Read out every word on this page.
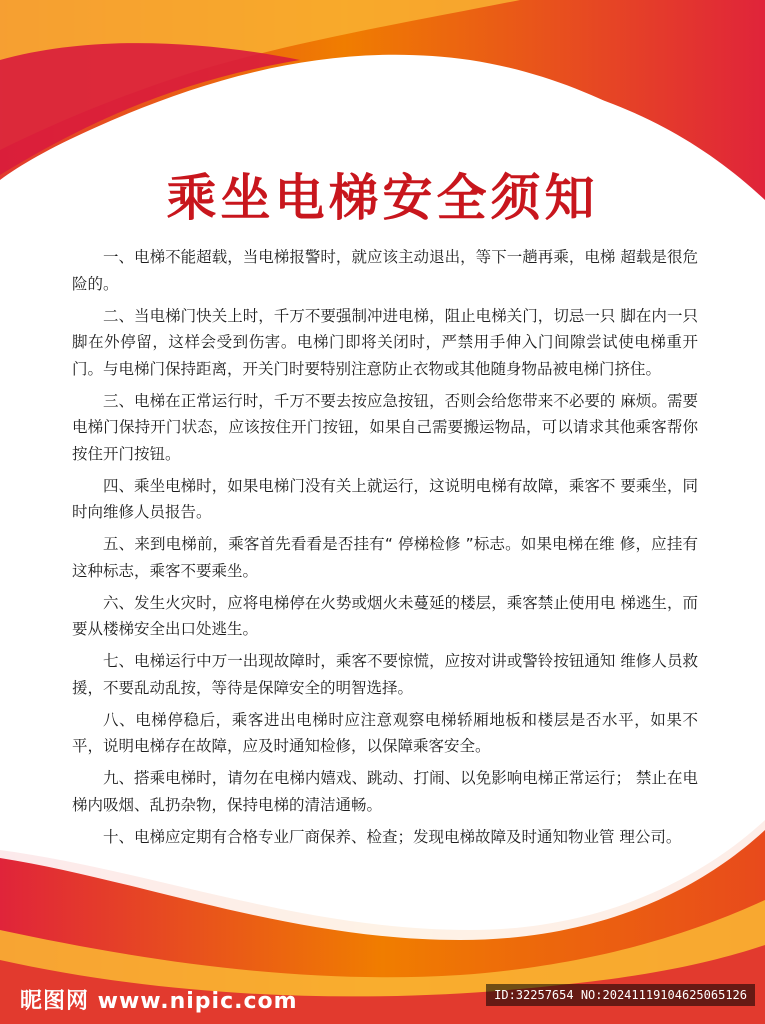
乘坐电梯安全须知

一、电梯不能超载，当电梯报警时，就应该主动退出，等下一趟再乘，电梯 超载是很危险的。

二、当电梯门快关上时，千万不要强制冲进电梯，阻止电梯关门，切忌一只 脚在内一只脚在外停留，这样会受到伤害。电梯门即将关闭时，严禁用手伸入门间隙尝试使电梯重开门。与电梯门保持距离，开关门时要特别注意防止衣物或其他随身物品被电梯门挤住。

三、电梯在正常运行时，千万不要去按应急按钮，否则会给您带来不必要的 麻烦。需要电梯门保持开门状态，应该按住开门按钮，如果自己需要搬运物品，可以请求其他乘客帮你按住开门按钮。

四、乘坐电梯时，如果电梯门没有关上就运行，这说明电梯有故障，乘客不 要乘坐，同时向维修人员报告。

五、来到电梯前，乘客首先看看是否挂有“ 停梯检修 ”标志。如果电梯在维 修，应挂有这种标志，乘客不要乘坐。

六、发生火灾时，应将电梯停在火势或烟火未蔓延的楼层，乘客禁止使用电 梯逃生，而要从楼梯安全出口处逃生。

七、电梯运行中万一出现故障时，乘客不要惊慌，应按对讲或警铃按钮通知 维修人员救援，不要乱动乱按，等待是保障安全的明智选择。

八、电梯停稳后，乘客进出电梯时应注意观察电梯轿厢地板和楼层是否水平，如果不平，说明电梯存在故障，应及时通知检修，以保障乘客安全。

九、搭乘电梯时，请勿在电梯内嬉戏、跳动、打闹、以免影响电梯正常运行； 禁止在电梯内吸烟、乱扔杂物，保持电梯的清洁通畅。

十、电梯应定期有合格专业厂商保养、检查；发现电梯故障及时通知物业管 理公司。

昵图网 www.nipic.com	ID:32257654 NO:20241119104625065126
